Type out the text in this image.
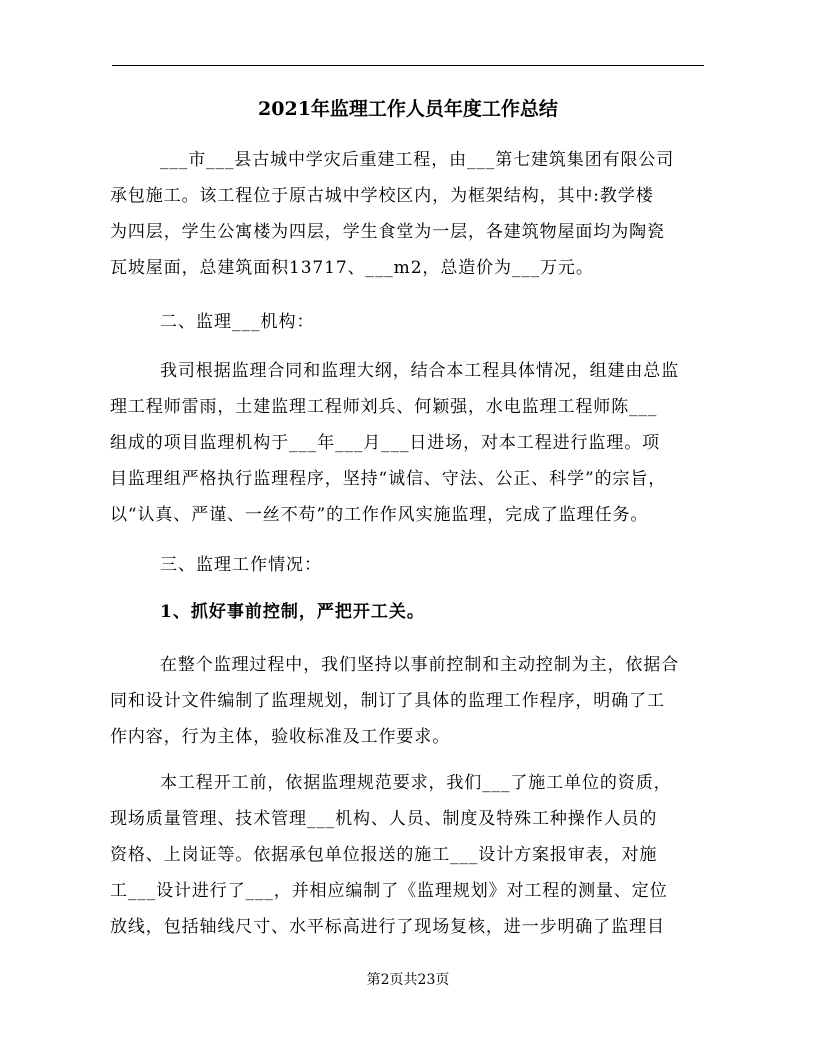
2021年监理工作人员年度工作总结
___市___县古城中学灾后重建工程，由___第七建筑集团有限公司
承包施工。该工程位于原古城中学校区内，为框架结构，其中:教学楼
为四层，学生公寓楼为四层，学生食堂为一层，各建筑物屋面均为陶瓷
瓦坡屋面，总建筑面积13717、___m2，总造价为___万元。
二、监理___机构：
我司根据监理合同和监理大纲，结合本工程具体情况，组建由总监
理工程师雷雨，土建监理工程师刘兵、何颖强，水电监理工程师陈___
组成的项目监理机构于___年___月___日进场，对本工程进行监理。项
目监理组严格执行监理程序，坚持“诚信、守法、公正、科学”的宗旨，
以“认真、严谨、一丝不苟”的工作作风实施监理，完成了监理任务。
三、监理工作情况：
1、抓好事前控制，严把开工关。
在整个监理过程中，我们坚持以事前控制和主动控制为主，依据合
同和设计文件编制了监理规划，制订了具体的监理工作程序，明确了工
作内容，行为主体，验收标准及工作要求。
本工程开工前，依据监理规范要求，我们___了施工单位的资质，
现场质量管理、技术管理___机构、人员、制度及特殊工种操作人员的
资格、上岗证等。依据承包单位报送的施工___设计方案报审表，对施
工___设计进行了___，并相应编制了《监理规划》对工程的测量、定位
放线，包括轴线尺寸、水平标高进行了现场复核，进一步明确了监理目
第2页共23页
